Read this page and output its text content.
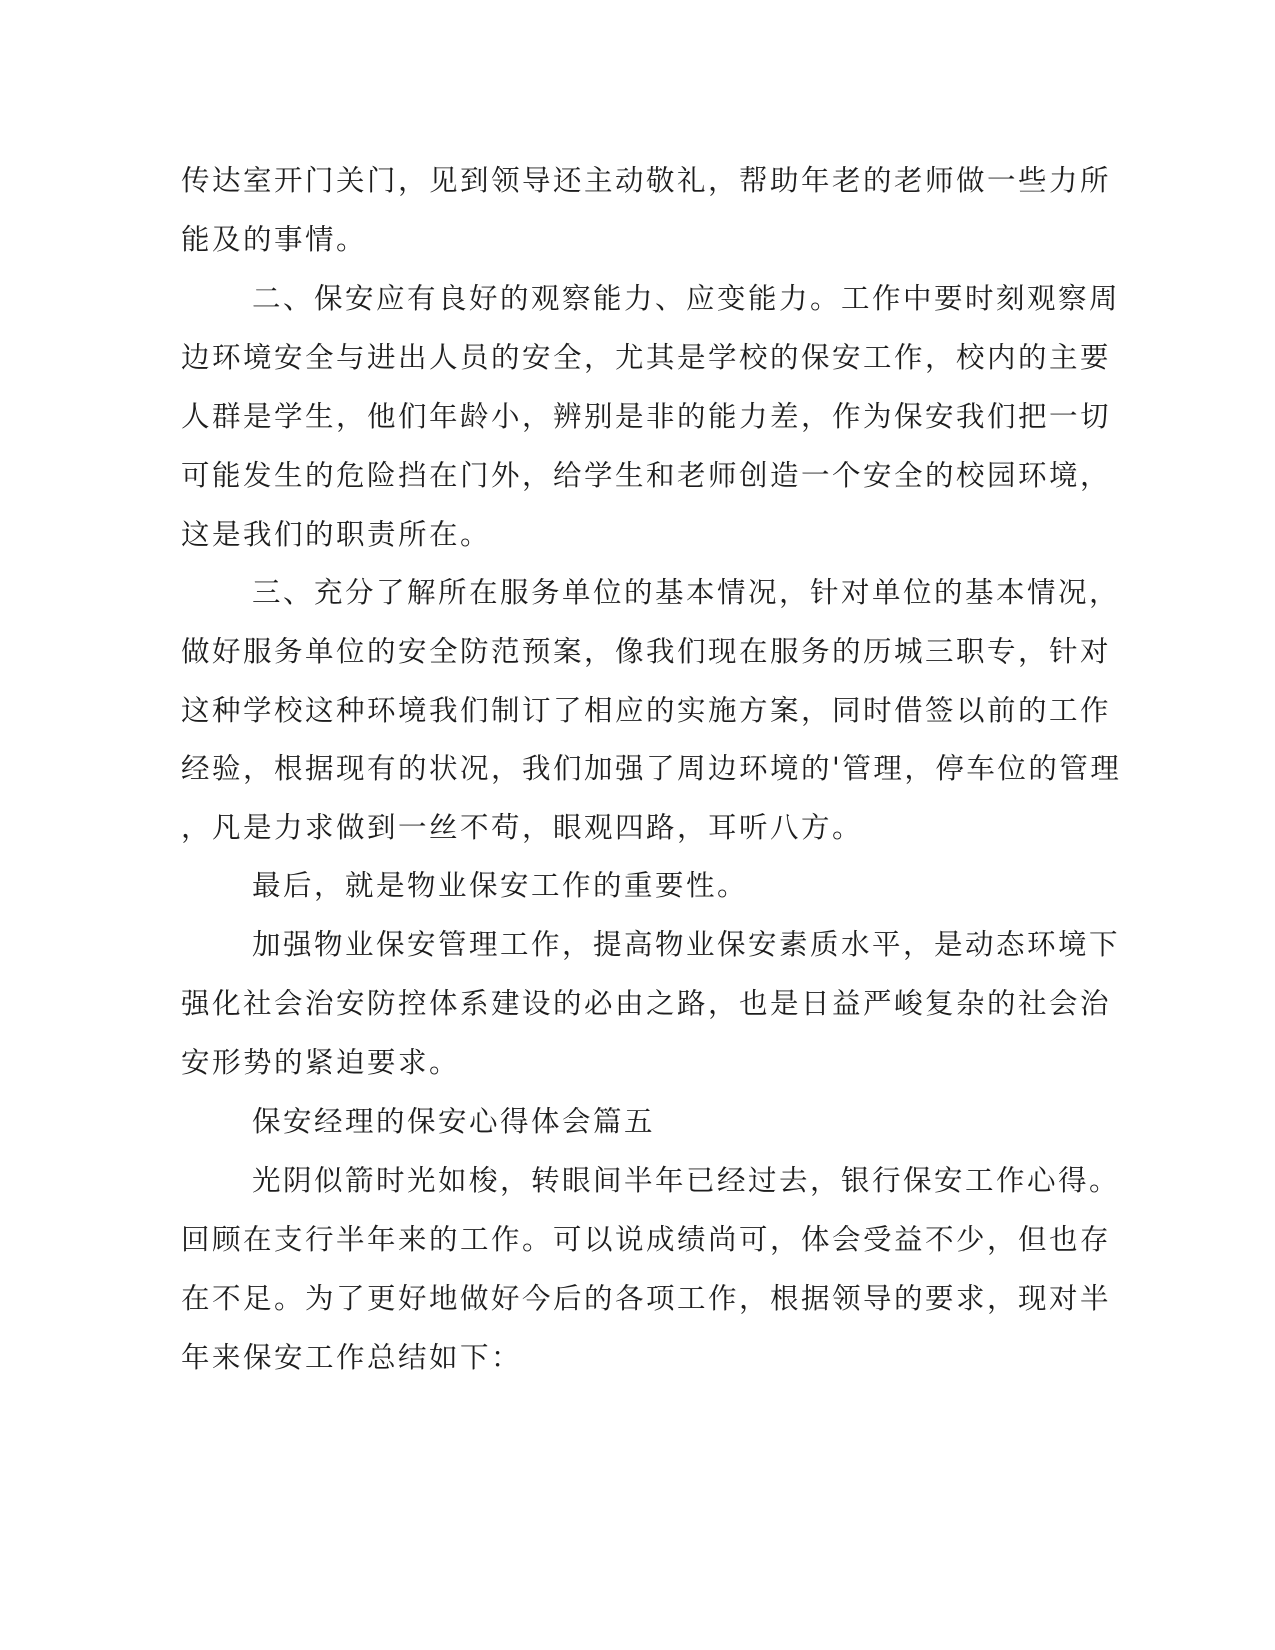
传达室开门关门，见到领导还主动敬礼，帮助年老的老师做一些力所
能及的事情。
二、保安应有良好的观察能力、应变能力。工作中要时刻观察周
边环境安全与进出人员的安全，尤其是学校的保安工作，校内的主要
人群是学生，他们年龄小，辨别是非的能力差，作为保安我们把一切
可能发生的危险挡在门外，给学生和老师创造一个安全的校园环境，
这是我们的职责所在。
三、充分了解所在服务单位的基本情况，针对单位的基本情况，
做好服务单位的安全防范预案，像我们现在服务的历城三职专，针对
这种学校这种环境我们制订了相应的实施方案，同时借签以前的工作
经验，根据现有的状况，我们加强了周边环境的'管理，停车位的管理
，凡是力求做到一丝不苟，眼观四路，耳听八方。
最后，就是物业保安工作的重要性。
加强物业保安管理工作，提高物业保安素质水平，是动态环境下
强化社会治安防控体系建设的必由之路，也是日益严峻复杂的社会治
安形势的紧迫要求。
保安经理的保安心得体会篇五
光阴似箭时光如梭，转眼间半年已经过去，银行保安工作心得。
回顾在支行半年来的工作。可以说成绩尚可，体会受益不少，但也存
在不足。为了更好地做好今后的各项工作，根据领导的要求，现对半
年来保安工作总结如下：
